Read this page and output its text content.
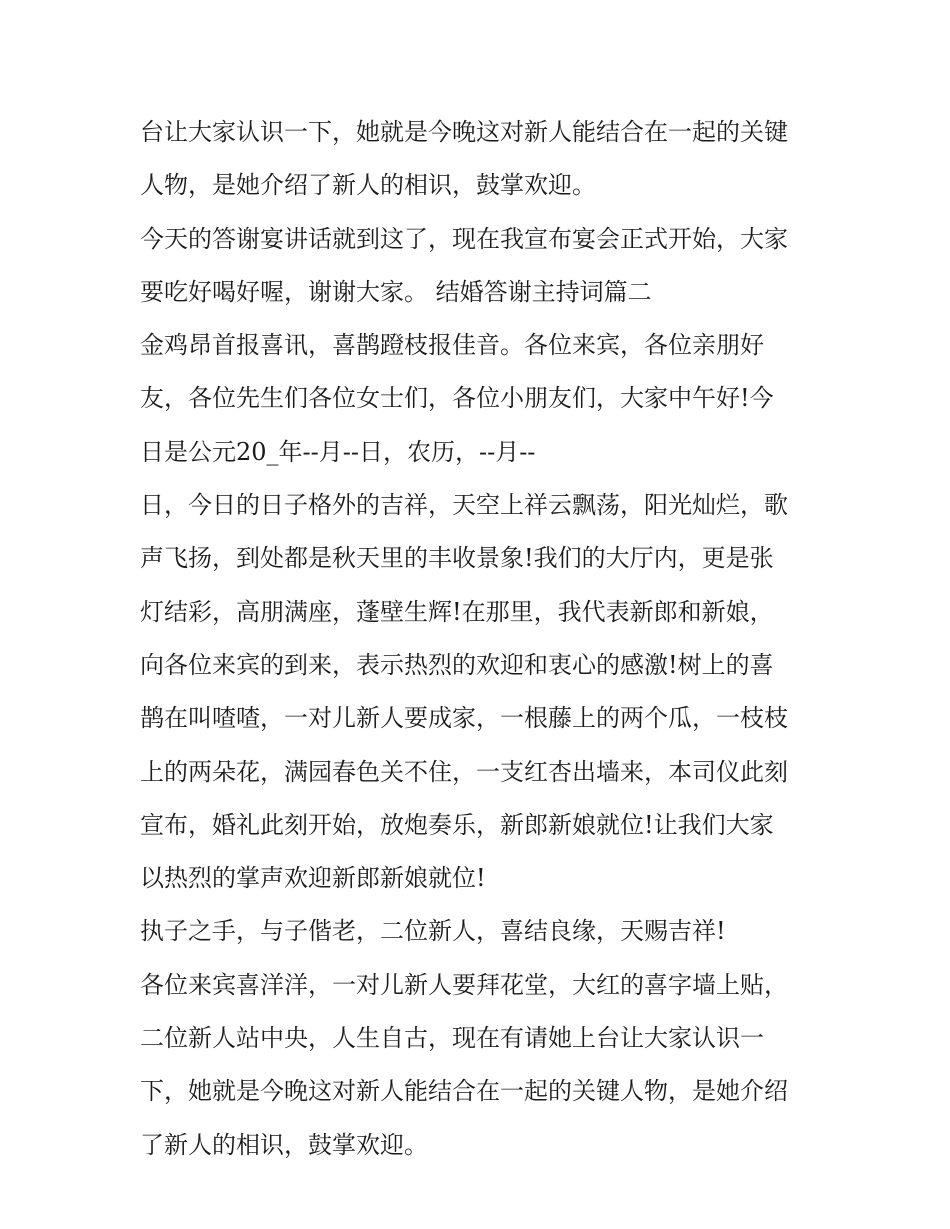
台让大家认识一下，她就是今晚这对新人能结合在一起的关键
人物，是她介绍了新人的相识，鼓掌欢迎。
今天的答谢宴讲话就到这了，现在我宣布宴会正式开始，大家
要吃好喝好喔，谢谢大家。 结婚答谢主持词篇二
金鸡昂首报喜讯，喜鹊蹬枝报佳音。各位来宾，各位亲朋好
友，各位先生们各位女士们，各位小朋友们，大家中午好!今
日是公元20_年--月--日，农历，--月--
日，今日的日子格外的吉祥，天空上祥云飘荡，阳光灿烂，歌
声飞扬，到处都是秋天里的丰收景象!我们的大厅内，更是张
灯结彩，高朋满座，蓬壁生辉!在那里，我代表新郎和新娘，
向各位来宾的到来，表示热烈的欢迎和衷心的感激!树上的喜
鹊在叫喳喳，一对儿新人要成家，一根藤上的两个瓜，一枝枝
上的两朵花，满园春色关不住，一支红杏出墙来，本司仪此刻
宣布，婚礼此刻开始，放炮奏乐，新郎新娘就位!让我们大家
以热烈的掌声欢迎新郎新娘就位!
执子之手，与子偕老，二位新人，喜结良缘，天赐吉祥!
各位来宾喜洋洋，一对儿新人要拜花堂，大红的喜字墙上贴，
二位新人站中央，人生自古，现在有请她上台让大家认识一
下，她就是今晚这对新人能结合在一起的关键人物，是她介绍
了新人的相识，鼓掌欢迎。
